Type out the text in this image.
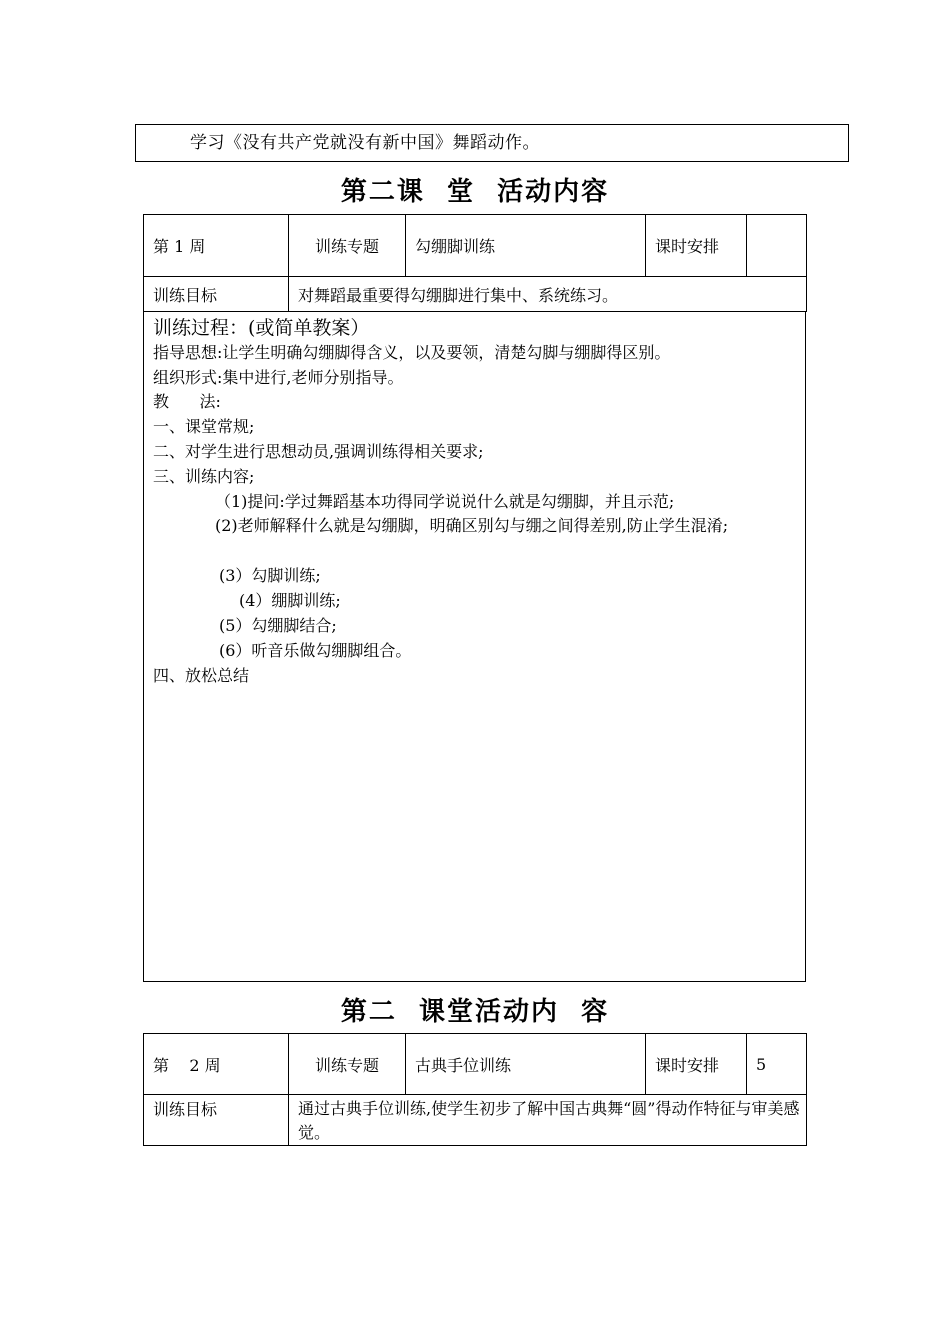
学习《没有共产党就没有新中国》舞蹈动作。
第二课  堂  活动内容
第 1 周	训练专题	勾绷脚训练	课时安排	
训练目标	对舞蹈最重要得勾绷脚进行集中、系统练习。			
训练过程：(或简单教案）
指导思想:让学生明确勾绷脚得含义，以及要领，清楚勾脚与绷脚得区别。
组织形式:集中进行,老师分别指导。
教      法:
一、课堂常规;
二、对学生进行思想动员,强调训练得相关要求;
三、训练内容;
（1)提问:学过舞蹈基本功得同学说说什么就是勾绷脚，并且示范;
(2)老师解释什么就是勾绷脚，明确区别勾与绷之间得差别,防止学生混淆;
(3）勾脚训练;
(4）绷脚训练;
(5）勾绷脚结合;
(6）听音乐做勾绷脚组合。
四、放松总结
第二  课堂活动内  容
第    2 周	训练专题	古典手位训练	课时安排	5
训练目标	通过古典手位训练,使学生初步了解中国古典舞“圆”得动作特征与审美感觉。			
